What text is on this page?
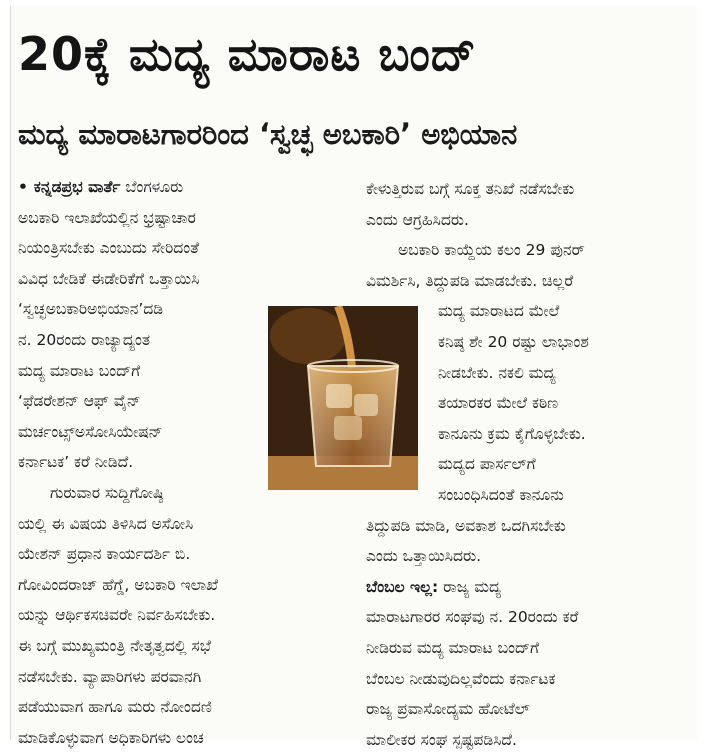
20ಕ್ಕೆ ಮದ್ಯ ಮಾರಾಟ ಬಂದ್
ಮದ್ಯ ಮಾರಾಟಗಾರರಿಂದ ‘ಸ್ವಚ್ಛ ಅಬಕಾರಿ’ ಅಭಿಯಾನ
• ಕನ್ನಡಪ್ರಭ ವಾರ್ತೆ ಬೆಂಗಳೂರು
ಅಬಕಾರಿ ಇಲಾಖೆಯಲ್ಲಿನ ಭ್ರಷ್ಟಾಚಾರ
ನಿಯಂತ್ರಿಸಬೇಕು ಎಂಬುದು ಸೇರಿದಂತೆ
ವಿವಿಧ ಬೇಡಿಕೆ ಈಡೇರಿಕೆಗೆ ಒತ್ತಾಯಿಸಿ
‘ಸ್ವಚ್ಛಅಬಕಾರಿಅಭಿಯಾನ’ದಡಿ
ನ. 20ರಂದು ರಾಜ್ಯಾದ್ಯಂತ
ಮದ್ಯ ಮಾರಾಟ ಬಂದ್‌ಗೆ
‘ಫೆಡರೇಶನ್ ಆಫ್ ವೈನ್
ಮರ್ಚಂಟ್ಸ್‌ಅಸೋಸಿಯೇಷನ್
ಕರ್ನಾಟಕ’ ಕರೆ ನೀಡಿದೆ.
ಗುರುವಾರ ಸುದ್ದಿಗೋಷ್ಠಿ
ಯಲ್ಲಿ ಈ ವಿಷಯ ತಿಳಿಸಿದ ಅಸೋಸಿ
ಯೇಶನ್ ಪ್ರಧಾನ ಕಾರ್ಯದರ್ಶಿ ಬಿ.
ಗೋವಿಂದರಾಜ್ ಹೆಗ್ಡೆ, ಅಬಕಾರಿ ಇಲಾಖೆ
ಯನ್ನು ಆರ್ಥಿಕಸಚಿವರೇ ನಿರ್ವಹಿಸಬೇಕು.
ಈ ಬಗ್ಗೆ ಮುಖ್ಯಮಂತ್ರಿ ನೇತೃತ್ವದಲ್ಲಿ ಸಭೆ
ನಡೆಸಬೇಕು. ವ್ಯಾಪಾರಿಗಳು ಪರವಾನಗಿ
ಪಡೆಯುವಾಗ ಹಾಗೂ ಮರು ನೋಂದಣಿ
ಮಾಡಿಕೊಳ್ಳುವಾಗ ಅಧಿಕಾರಿಗಳು ಲಂಚ
ಕೇಳುತ್ತಿರುವ ಬಗ್ಗೆ ಸೂಕ್ತ ತನಿಖೆ ನಡೆಸಬೇಕು
ಎಂದು ಆಗ್ರಹಿಸಿದರು.
ಅಬಕಾರಿ ಕಾಯ್ದೆಯ ಕಲಂ 29 ಪುನರ್
ವಿಮರ್ಶಿಸಿ, ತಿದ್ದುಪಡಿ ಮಾಡಬೇಕು. ಚಿಲ್ಲರೆ
ಮದ್ಯ ಮಾರಾಟದ ಮೇಲೆ
ಕನಿಷ್ಠ ಶೇ 20 ರಷ್ಟು ಲಾಭಾಂಶ
ನೀಡಬೇಕು. ನಕಲಿ ಮದ್ಯ
ತಯಾರಕರ ಮೇಲೆ ಕಠಿಣ
ಕಾನೂನು ಕ್ರಮ ಕೈಗೊಳ್ಳಬೇಕು.
ಮದ್ಯದ ಪಾರ್ಸಲ್‌ಗೆ
ಸಂಬಂಧಿಸಿದಂತೆ ಕಾನೂನು
ತಿದ್ದುಪಡಿ ಮಾಡಿ, ಅವಕಾಶ ಒದಗಿಸಬೇಕು
ಎಂದು ಒತ್ತಾಯಿಸಿದರು.
ಬೆಂಬಲ ಇಲ್ಲ: ರಾಜ್ಯ ಮದ್ಯ
ಮಾರಾಟಗಾರರ ಸಂಘವು ನ. 20ರಂದು ಕರೆ
ನೀಡಿರುವ ಮದ್ಯ ಮಾರಾಟ ಬಂದ್‌ಗೆ
ಬೆಂಬಲ ನೀಡುವುದಿಲ್ಲವೆಂದು ಕರ್ನಾಟಕ
ರಾಜ್ಯ ಪ್ರವಾಸೋದ್ಯಮ ಹೋಟೆಲ್
ಮಾಲೀಕರ ಸಂಘ ಸ್ಪಷ್ಟಪಡಿಸಿದೆ.
